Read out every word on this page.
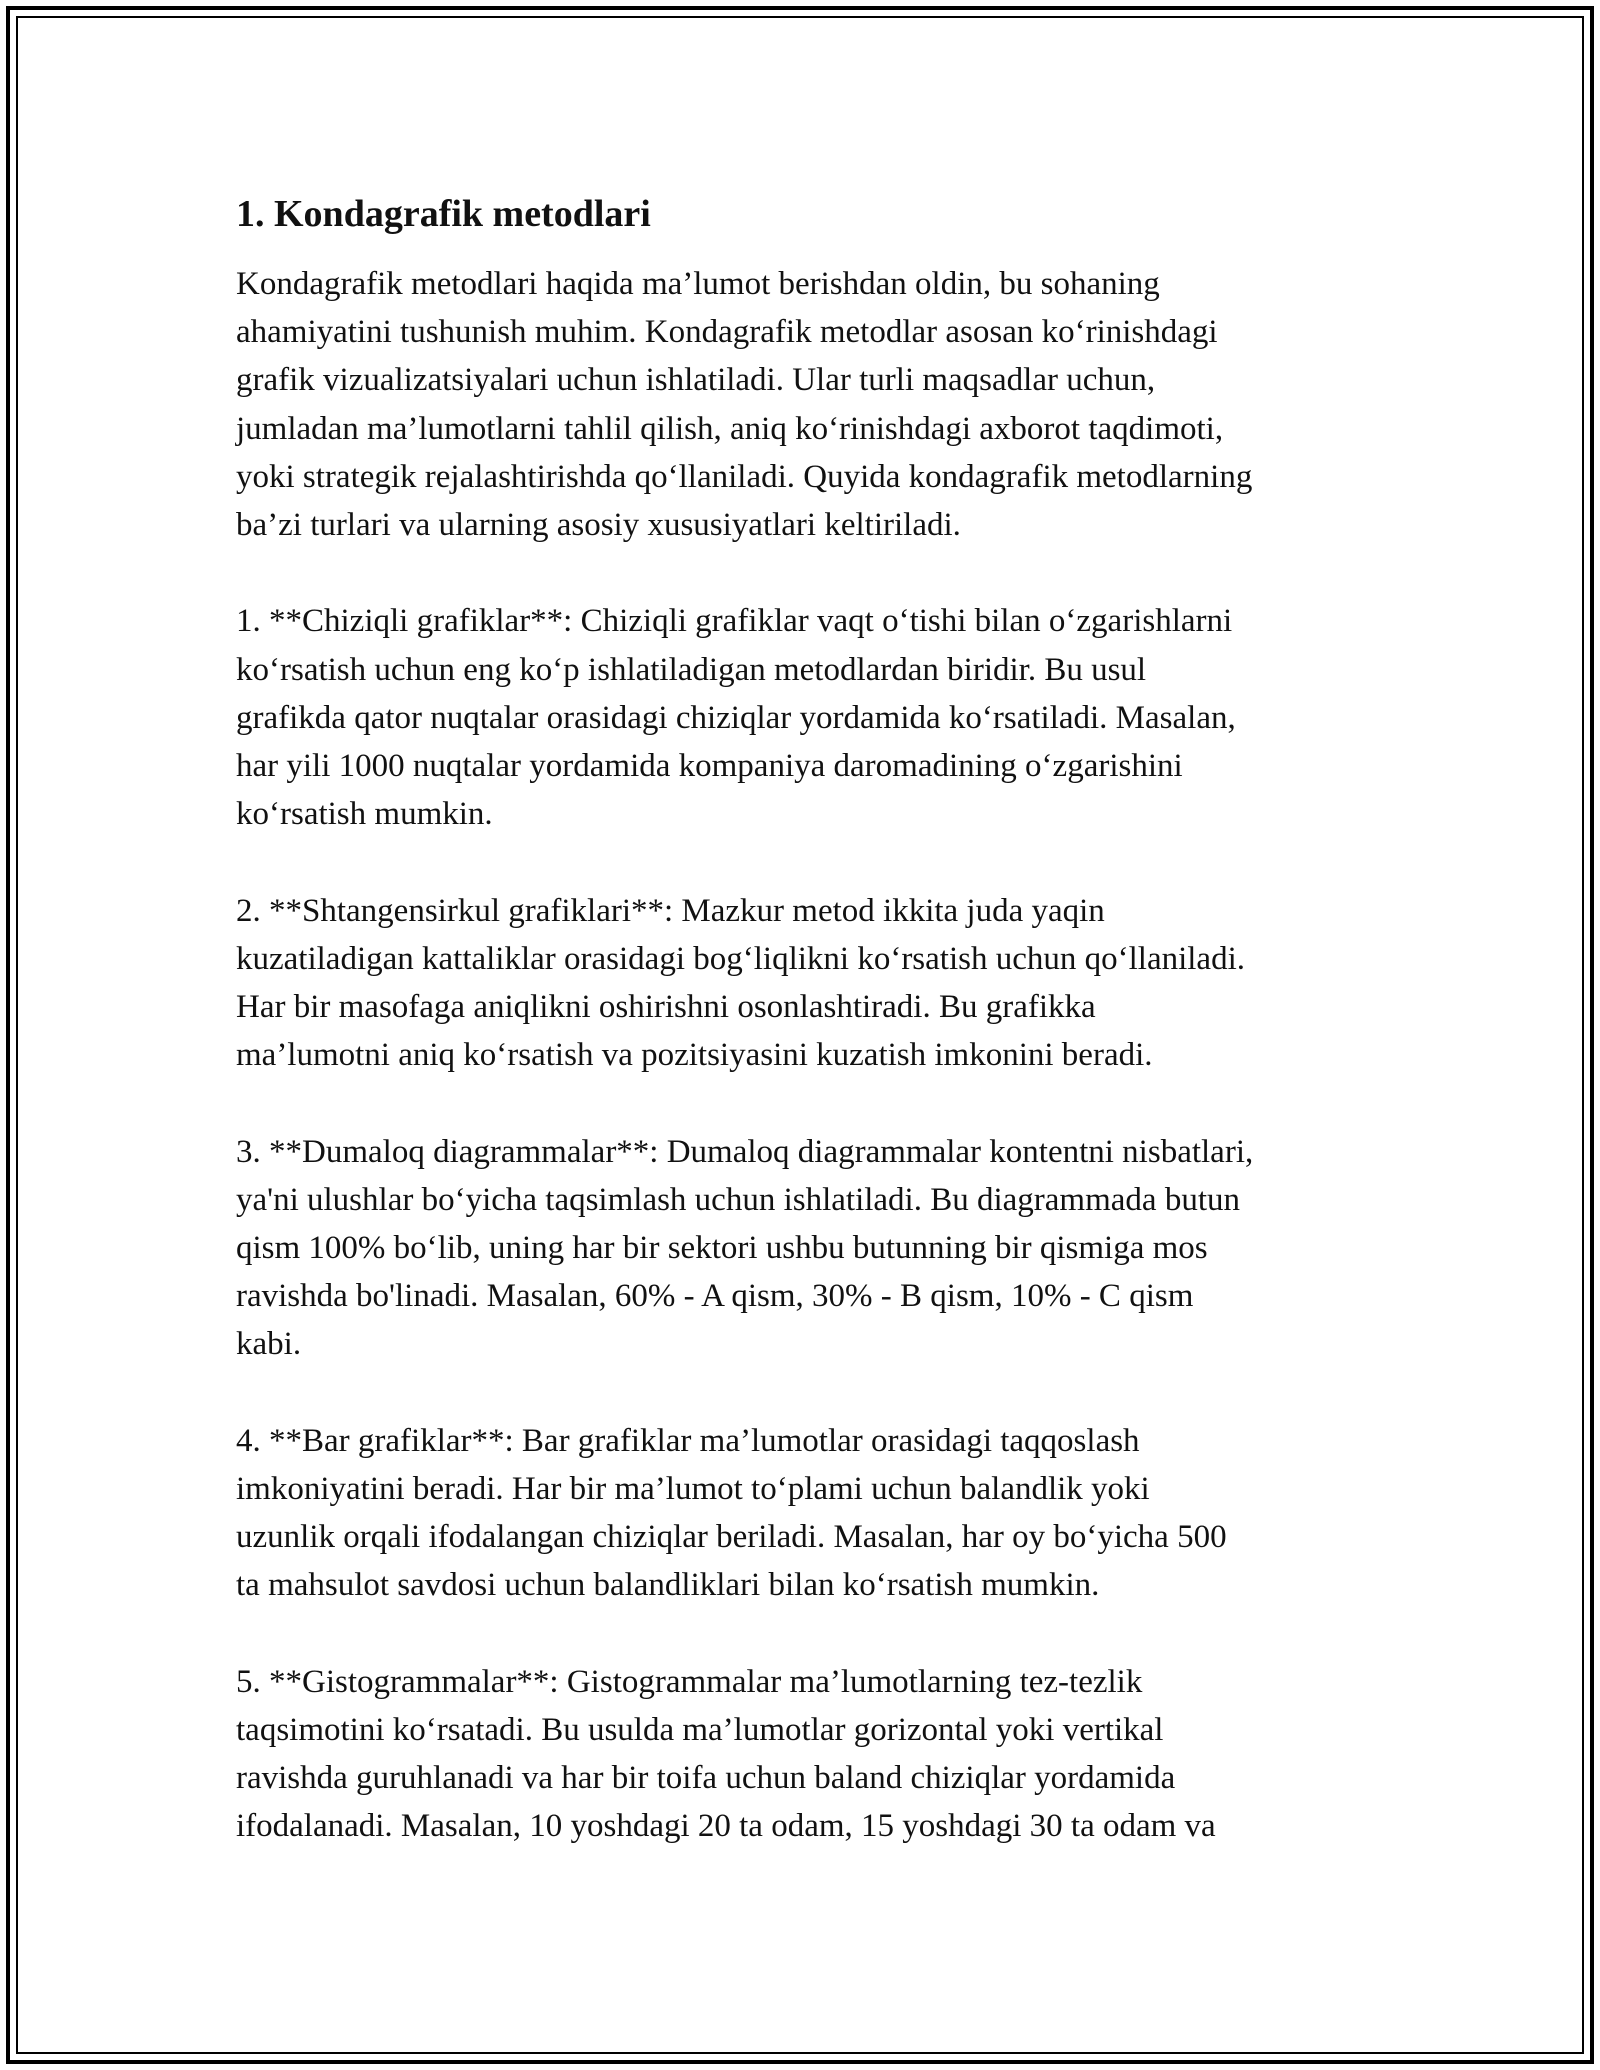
1. Kondagrafik metodlari
Kondagrafik metodlari haqida ma’lumot berishdan oldin, bu sohaning
ahamiyatini tushunish muhim. Kondagrafik metodlar asosan koʻrinishdagi
grafik vizualizatsiyalari uchun ishlatiladi. Ular turli maqsadlar uchun,
jumladan ma’lumotlarni tahlil qilish, aniq koʻrinishdagi axborot taqdimoti,
yoki strategik rejalashtirishda qoʻllaniladi. Quyida kondagrafik metodlarning
ba’zi turlari va ularning asosiy xususiyatlari keltiriladi.
1. **Chiziqli grafiklar**: Chiziqli grafiklar vaqt oʻtishi bilan oʻzgarishlarni
koʻrsatish uchun eng koʻp ishlatiladigan metodlardan biridir. Bu usul
grafikda qator nuqtalar orasidagi chiziqlar yordamida koʻrsatiladi. Masalan,
har yili 1000 nuqtalar yordamida kompaniya daromadining oʻzgarishini
koʻrsatish mumkin.
2. **Shtangensirkul grafiklari**: Mazkur metod ikkita juda yaqin
kuzatiladigan kattaliklar orasidagi bogʻliqlikni koʻrsatish uchun qoʻllaniladi.
Har bir masofaga aniqlikni oshirishni osonlashtiradi. Bu grafikka
ma’lumotni aniq koʻrsatish va pozitsiyasini kuzatish imkonini beradi.
3. **Dumaloq diagrammalar**: Dumaloq diagrammalar kontentni nisbatlari,
ya'ni ulushlar boʻyicha taqsimlash uchun ishlatiladi. Bu diagrammada butun
qism 100% boʻlib, uning har bir sektori ushbu butunning bir qismiga mos
ravishda bo'linadi. Masalan, 60% - A qism, 30% - B qism, 10% - C qism
kabi.
4. **Bar grafiklar**: Bar grafiklar ma’lumotlar orasidagi taqqoslash
imkoniyatini beradi. Har bir ma’lumot toʻplami uchun balandlik yoki
uzunlik orqali ifodalangan chiziqlar beriladi. Masalan, har oy boʻyicha 500
ta mahsulot savdosi uchun balandliklari bilan koʻrsatish mumkin.
5. **Gistogrammalar**: Gistogrammalar ma’lumotlarning tez-tezlik
taqsimotini koʻrsatadi. Bu usulda ma’lumotlar gorizontal yoki vertikal
ravishda guruhlanadi va har bir toifa uchun baland chiziqlar yordamida
ifodalanadi. Masalan, 10 yoshdagi 20 ta odam, 15 yoshdagi 30 ta odam va
